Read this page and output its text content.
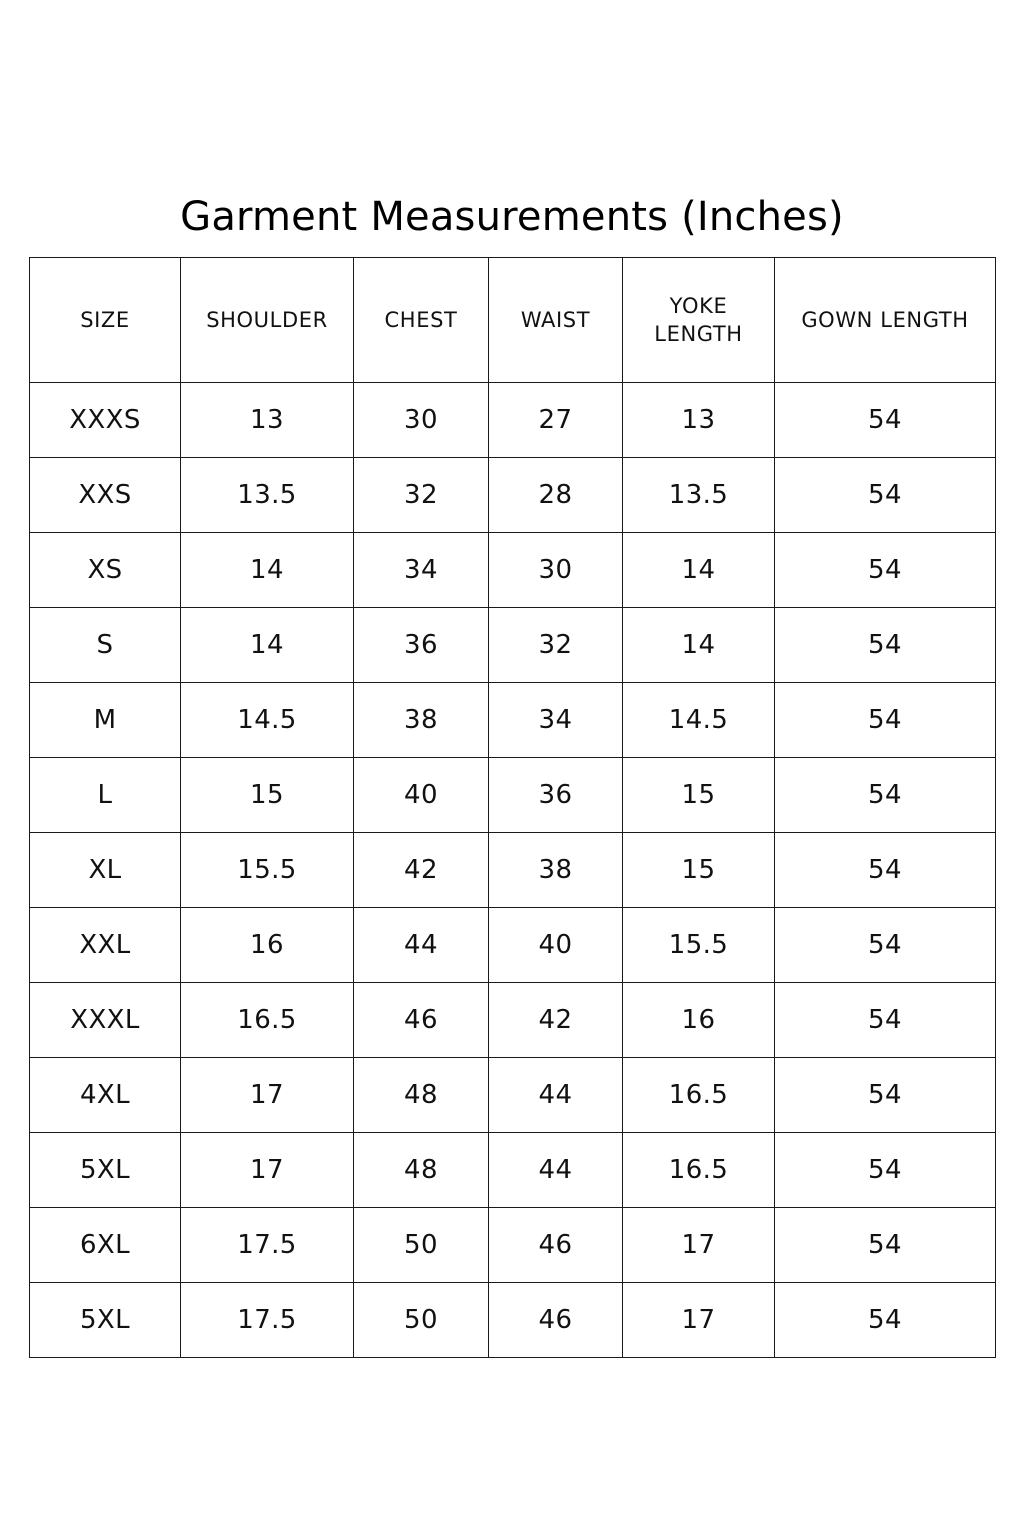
Garment Measurements (Inches)
SIZE	SHOULDER	CHEST	WAIST	YOKE LENGTH	GOWN LENGTH
XXXS	13	30	27	13	54
XXS	13.5	32	28	13.5	54
XS	14	34	30	14	54
S	14	36	32	14	54
M	14.5	38	34	14.5	54
L	15	40	36	15	54
XL	15.5	42	38	15	54
XXL	16	44	40	15.5	54
XXXL	16.5	46	42	16	54
4XL	17	48	44	16.5	54
5XL	17	48	44	16.5	54
6XL	17.5	50	46	17	54
5XL	17.5	50	46	17	54
